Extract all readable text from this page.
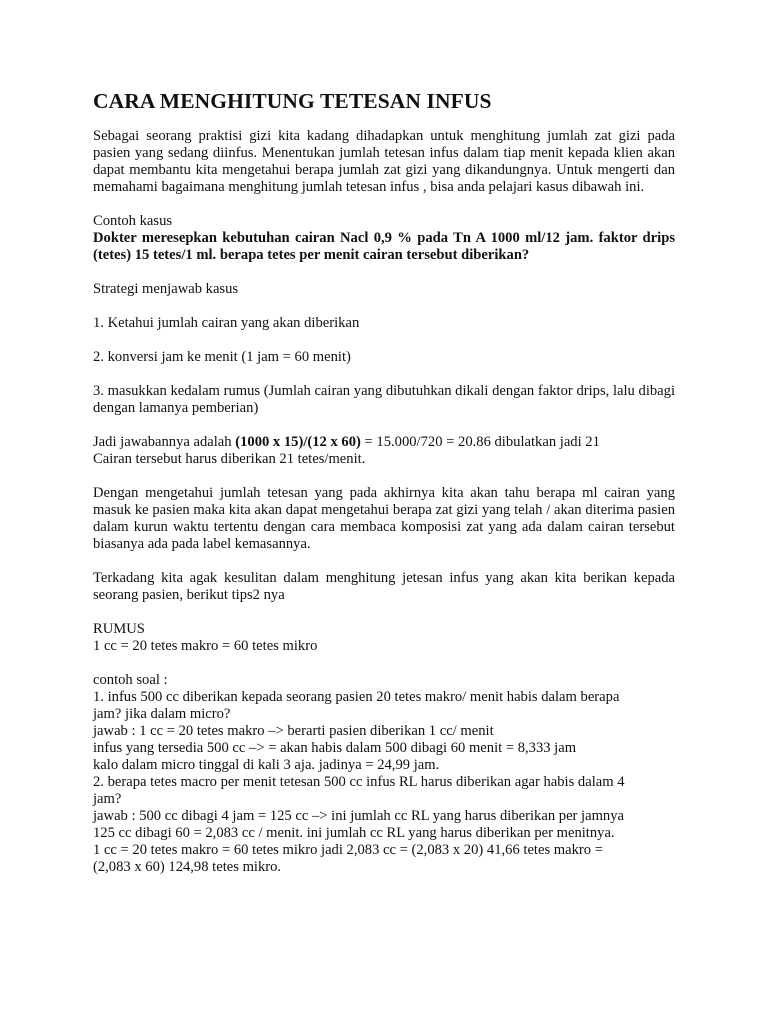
CARA MENGHITUNG TETESAN INFUS

Sebagai seorang praktisi gizi kita kadang dihadapkan untuk menghitung jumlah zat gizi pada pasien yang sedang diinfus. Menentukan jumlah tetesan infus dalam tiap menit kepada klien akan dapat membantu kita mengetahui berapa jumlah zat gizi yang dikandungnya. Untuk mengerti dan memahami bagaimana menghitung jumlah tetesan infus , bisa anda pelajari kasus dibawah ini.

Contoh kasus

Dokter meresepkan kebutuhan cairan Nacl 0,9 % pada Tn A 1000 ml/12 jam. faktor drips (tetes) 15 tetes/1 ml. berapa tetes per menit cairan tersebut diberikan?

Strategi menjawab kasus

1. Ketahui jumlah cairan yang akan diberikan

2. konversi jam ke menit (1 jam = 60 menit)

3. masukkan kedalam rumus (Jumlah cairan yang dibutuhkan dikali dengan faktor drips, lalu dibagi dengan lamanya pemberian)

Jadi jawabannya adalah (1000 x 15)/(12 x 60) = 15.000/720 = 20.86 dibulatkan jadi 21

Cairan tersebut harus diberikan 21 tetes/menit.

Dengan mengetahui jumlah tetesan yang pada akhirnya kita akan tahu berapa ml cairan yang masuk ke pasien maka kita akan dapat mengetahui berapa zat gizi yang telah / akan diterima pasien dalam kurun waktu tertentu dengan cara membaca komposisi zat yang ada dalam cairan tersebut biasanya ada pada label kemasannya.

Terkadang kita agak kesulitan dalam menghitung jetesan infus yang akan kita berikan kepada seorang pasien, berikut tips2 nya

RUMUS

1 cc = 20 tetes makro = 60 tetes mikro

contoh soal :

1. infus 500 cc diberikan kepada seorang pasien 20 tetes makro/ menit habis dalam berapa

jam? jika dalam micro?

jawab : 1 cc = 20 tetes makro –> berarti pasien diberikan 1 cc/ menit

infus yang tersedia 500 cc –> = akan habis dalam 500 dibagi 60 menit = 8,333 jam

kalo dalam micro tinggal di kali 3 aja. jadinya = 24,99 jam.

2. berapa tetes macro per menit tetesan 500 cc infus RL harus diberikan agar habis dalam 4

jam?

jawab : 500 cc dibagi 4 jam = 125 cc –> ini jumlah cc RL yang harus diberikan per jamnya

125 cc dibagi 60 = 2,083 cc / menit. ini jumlah cc RL yang harus diberikan per menitnya.

1 cc = 20 tetes makro = 60 tetes mikro jadi 2,083 cc = (2,083 x 20) 41,66 tetes makro =

(2,083 x 60) 124,98 tetes mikro.
